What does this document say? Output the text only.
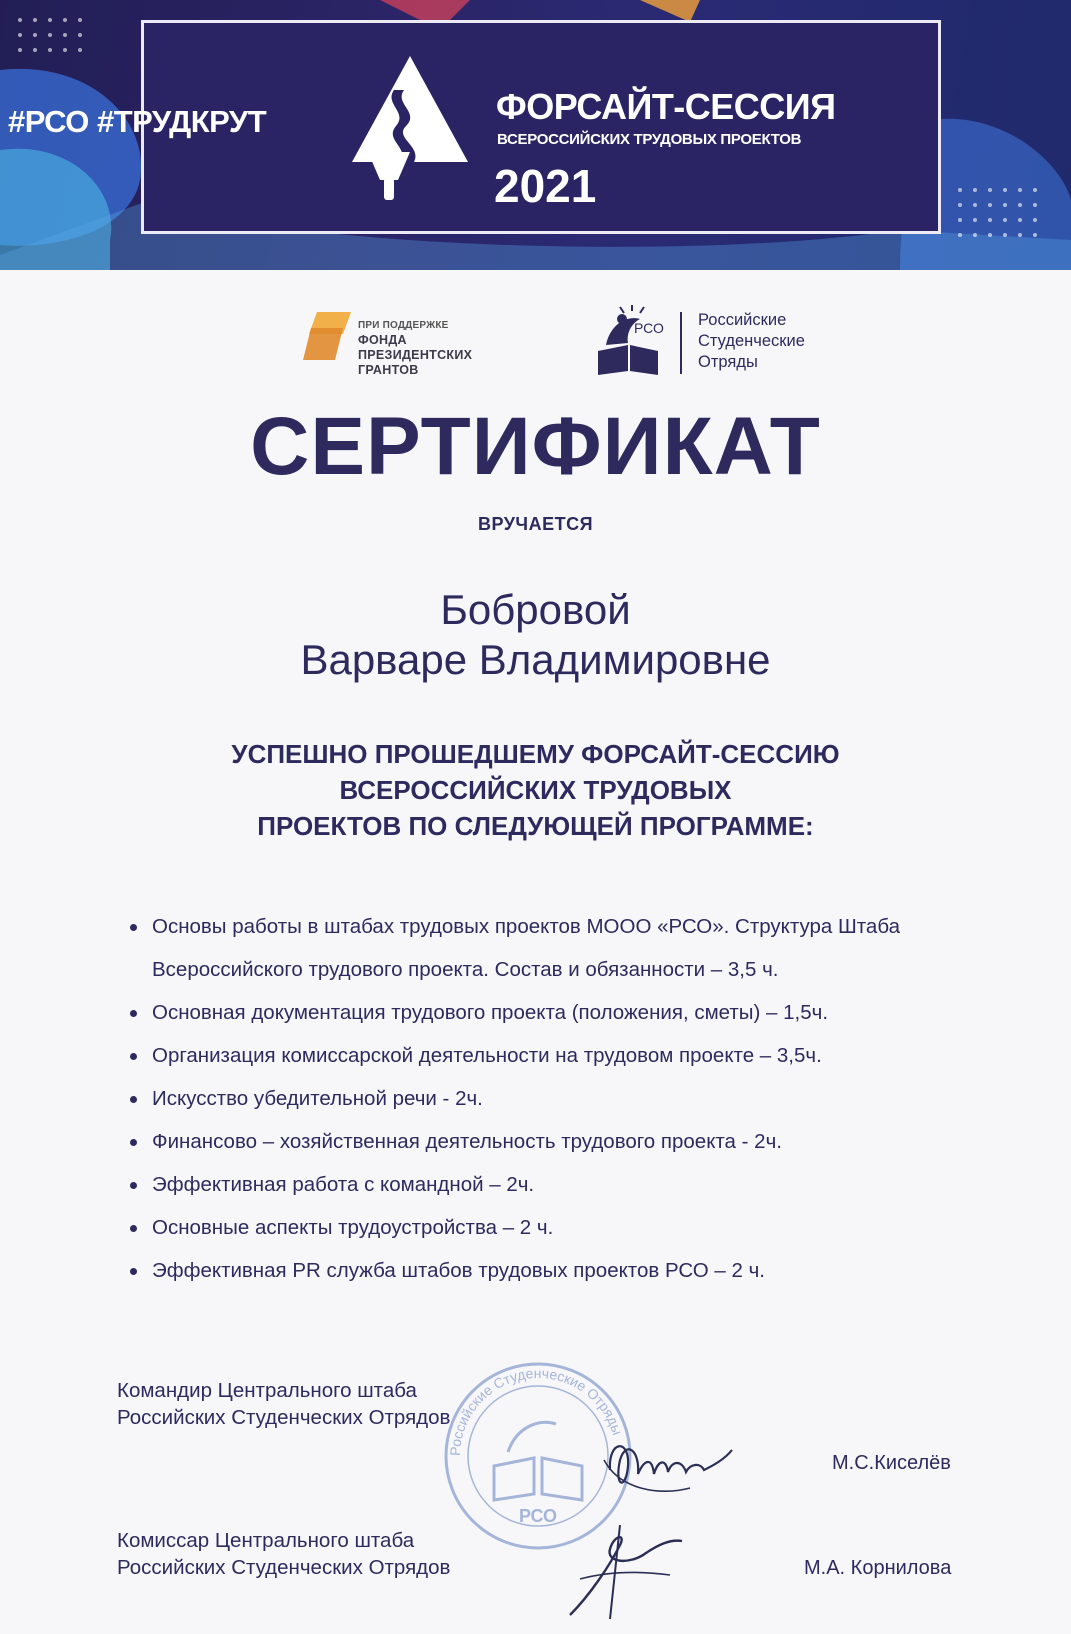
#РСО #ТРУДКРУТ	ФОРСАЙТ-СЕССИЯ
ВСЕРОССИЙСКИХ ТРУДОВЫХ ПРОЕКТОВ
2021
ПРИ ПОДДЕРЖКЕ
ФОНДА
ПРЕЗИДЕНТСКИХ
ГРАНТОВ
РСО Российские
Студенческие
Отряды
СЕРТИФИКАТ
ВРУЧАЕТСЯ
Бобровой
Варваре Владимировне
УСПЕШНО ПРОШЕДШЕМУ ФОРСАЙТ-СЕССИЮ
ВСЕРОССИЙСКИХ ТРУДОВЫХ
ПРОЕКТОВ ПО СЛЕДУЮЩЕЙ ПРОГРАММЕ:
Основы работы в штабах трудовых проектов МООО «РСО». Структура Штаба
Всероссийского трудового проекта. Состав и обязанности – 3,5 ч.
Основная документация трудового проекта (положения, сметы) – 1,5ч.
Организация комиссарской деятельности на трудовом проекте – 3,5ч.
Искусство убедительной речи - 2ч.
Финансово – хозяйственная деятельность трудового проекта - 2ч.
Эффективная работа с командной – 2ч.
Основные аспекты трудоустройства – 2 ч.
Эффективная PR служба штабов трудовых проектов РСО – 2 ч.
РСО
Российские Студенческие Отряды
Командир Центрального штаба
Российских Студенческих Отрядов
М.С.Киселёв
Комиссар Центрального штаба
Российских Студенческих Отрядов	М.А. Корнилова
